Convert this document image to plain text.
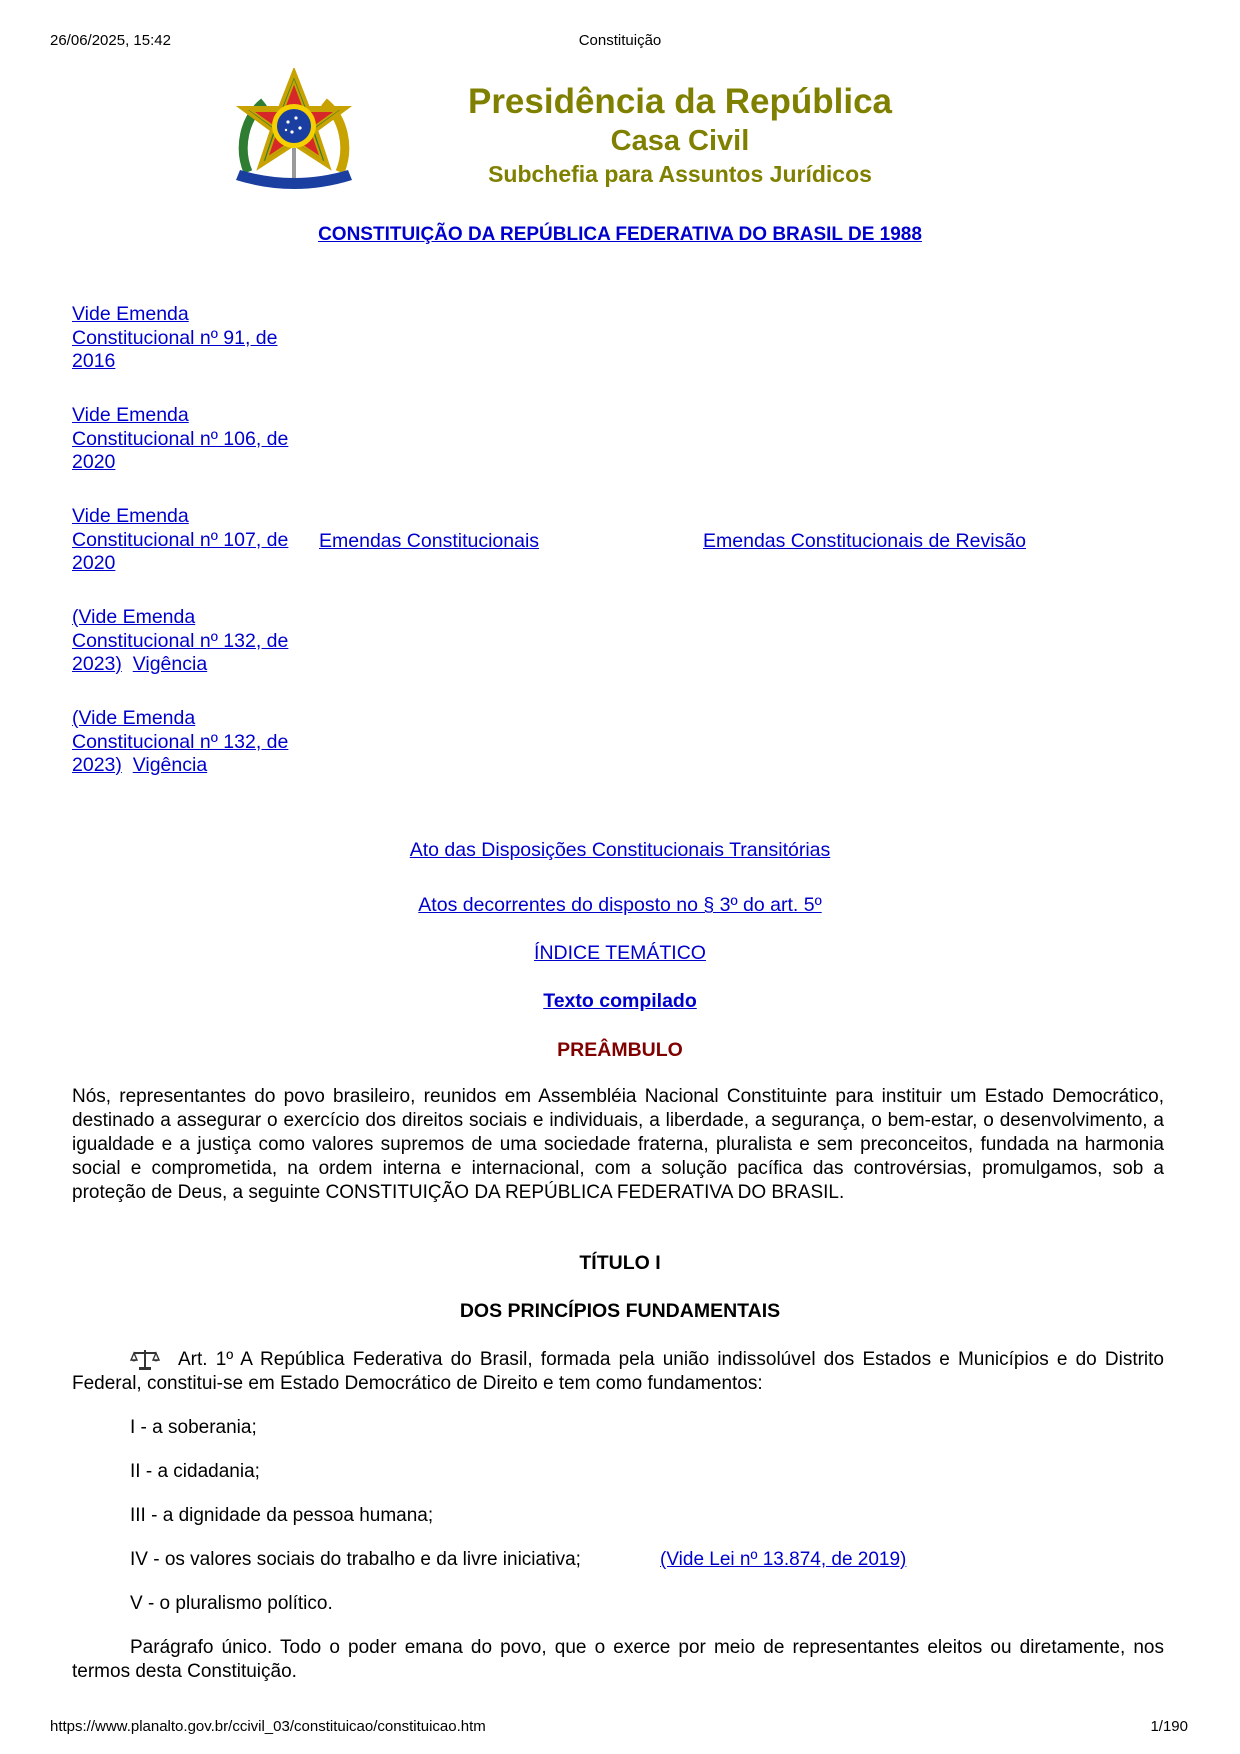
26/06/2025, 15:42	Constituição
Presidência da República
Casa Civil
Subchefia para Assuntos Jurídicos
CONSTITUIÇÃO DA REPÚBLICA FEDERATIVA DO BRASIL DE 1988
Vide Emenda Constitucional nº 91, de 2016
Vide Emenda Constitucional nº 106, de 2020
Vide Emenda Constitucional nº 107, de 2020
(Vide Emenda Constitucional nº 132, de 2023) Vigência
(Vide Emenda Constitucional nº 132, de 2023) Vigência
Emendas Constitucionais	Emendas Constitucionais de Revisão
Ato das Disposições Constitucionais Transitórias
Atos decorrentes do disposto no § 3º do art. 5º
ÍNDICE TEMÁTICO
Texto compilado
PREÂMBULO
Nós, representantes do povo brasileiro, reunidos em Assembléia Nacional Constituinte para instituir um Estado Democrático, destinado a assegurar o exercício dos direitos sociais e individuais, a liberdade, a segurança, o bem-estar, o desenvolvimento, a igualdade e a justiça como valores supremos de uma sociedade fraterna, pluralista e sem preconceitos, fundada na harmonia social e comprometida, na ordem interna e internacional, com a solução pacífica das controvérsias, promulgamos, sob a proteção de Deus, a seguinte CONSTITUIÇÃO DA REPÚBLICA FEDERATIVA DO BRASIL.
TÍTULO I
DOS PRINCÍPIOS FUNDAMENTAIS
Art. 1º A República Federativa do Brasil, formada pela união indissolúvel dos Estados e Municípios e do Distrito Federal, constitui-se em Estado Democrático de Direito e tem como fundamentos:
I - a soberania;
II - a cidadania;
III - a dignidade da pessoa humana;
IV - os valores sociais do trabalho e da livre iniciativa;	(Vide Lei nº 13.874, de 2019)
V - o pluralismo político.
Parágrafo único. Todo o poder emana do povo, que o exerce por meio de representantes eleitos ou diretamente, nos termos desta Constituição.
https://www.planalto.gov.br/ccivil_03/constituicao/constituicao.htm	1/190
